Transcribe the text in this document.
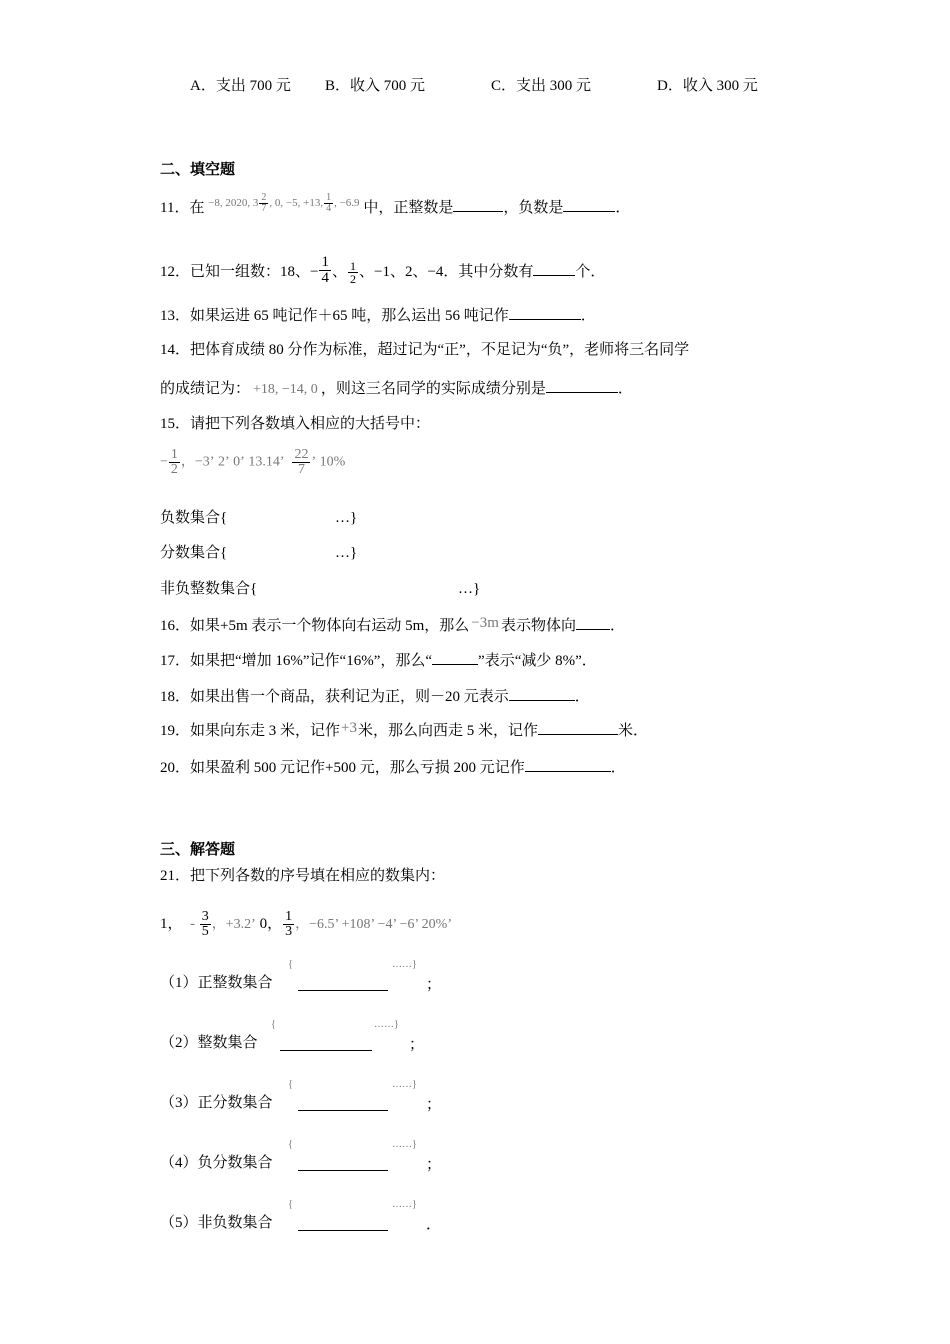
A．支出 700 元 B．收入 700 元	C．支出 300 元	D．收入 300 元
二、填空题
11．在 $^{-8, 2020, 3 \frac{2}{7} , 0, -5, +13, \frac{1}{4} , -6.9}$ 中，正整数是	，负数是	．
12．已知一组数：18、− $\frac{1}{4}$ 、 $\frac{1}{2}$ 、−1、2、−4．其中分数有	个．
13．如果运进 65 吨记作＋65 吨，那么运出 56 吨记作	．
14．把体育成绩 80 分作为标准，超过记为“正”，不足记为“负”，老师将三名同学
的成绩记为： +18, −14, 0 ，则这三名同学的实际成绩分别是	．
15．请把下列各数填入相应的大括号中：
− $\frac{1}{2}$ ，−3’ 2’ 0’ 13.14’ $\frac{22}{7}$ ’ 10%
负数集合{	…}
分数集合{	…}
非负整数集合{	…}
16．如果+5m 表示一个物体向右运动 5m，那么 −3m 表示物体向 ．
17．如果把“增加 16%”记作“16%”，那么“	”表示“减少 8%”．
18．如果出售一个商品，获利记为正，则－20 元表示	．
19．如果向东走 3 米，记作+3米，那么向西走 5 米，记作	米．
20．如果盈利 500 元记作+500 元，那么亏损 200 元记作	．
三、解答题
21．把下列各数的序号填在相应的数集内：
1， - $\frac{3}{5}$ ，+3.2’ 0， $\frac{1}{3}$ ，−6.5’ +108’ −4’ −6’ 20%’
（1）正整数集合
{	……}
；
（2）整数集合
{	……}
；
（3）正分数集合
{	……}
；
（4）负分数集合
{	……}
；
（5）非负数集合
{	……}
．
